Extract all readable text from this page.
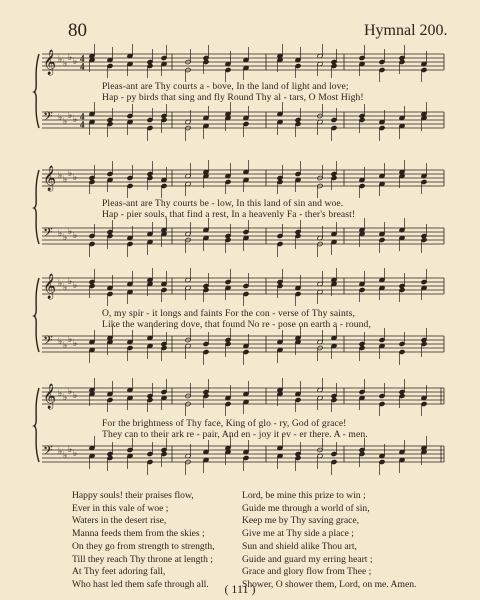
80	Hymnal 200.
𝄞 ♭ ♭
♭ ♭ 4
4
𝄢 ♭ ♭
♭ ♭ 4
4
Pleas-ant are Thy courts a - bove, In the land of light and love;
Hap - py birds that sing and fly Round Thy al - tars, O Most High!
𝄞 ♭ ♭
♭ ♭
𝄢 ♭ ♭
♭ ♭
Pleas-ant are Thy courts be - low, In this land of sin and woe.
Hap - pier souls, that find a rest, In a heavenly Fa - ther's breast!
𝄞 ♭ ♭
♭ ♭
𝄢 ♭ ♭
♭ ♭
O, my spir - it longs and faints For the con - verse of Thy saints,
Like the wandering dove, that found No re - pose on earth a - round,
𝄞 ♭ ♭
♭ ♭
𝄢 ♭ ♭
♭ ♭
For the brightness of Thy face, King of glo - ry, God of grace!
They can to their ark re - pair, And en - joy it ev - er there. A - men.
Happy souls! their praises flow,
Ever in this vale of woe ;
Waters in the desert rise,
Manna feeds them from the skies ;
On they go from strength to strength,
Till they reach Thy throne at length ;
At Thy feet adoring fall,
Who hast led them safe through all.
Lord, be mine this prize to win ;
Guide me through a world of sin,
Keep me by Thy saving grace,
Give me at Thy side a place ;
Sun and shield alike Thou art,
Guide and guard my erring heart ;
Grace and glory flow from Thee ;
Shower, O shower them, Lord, on me. Amen.
( 111 )
